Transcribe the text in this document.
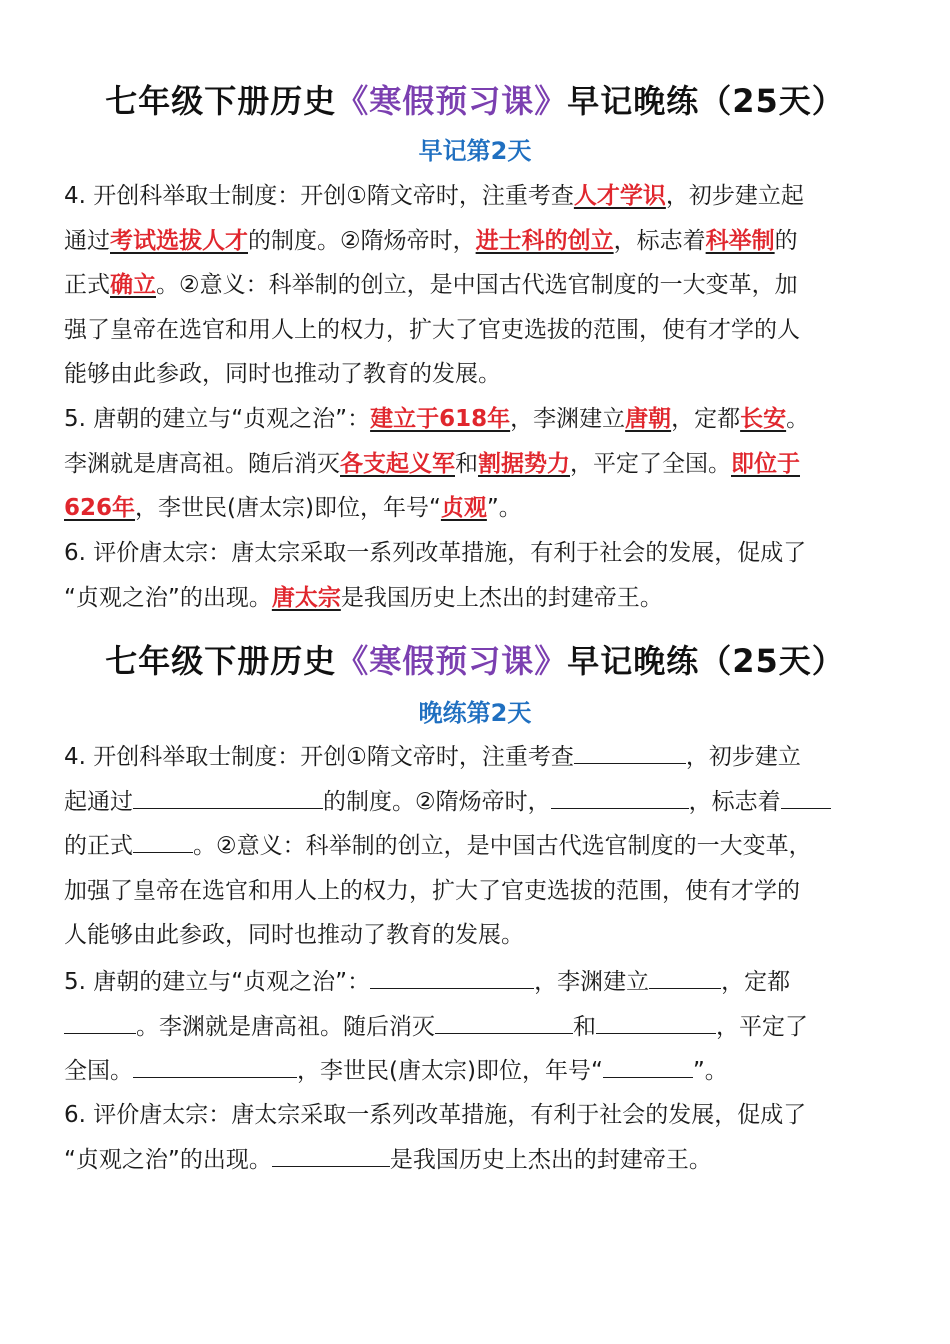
七年级下册历史《寒假预习课》早记晚练（25天）
早记第2天
4. 开创科举取士制度：开创①隋文帝时，注重考查人才学识，初步建立起
通过考试选拔人才的制度。②隋炀帝时，进士科的创立，标志着科举制的
正式确立。②意义：科举制的创立，是中国古代选官制度的一大变革，加
强了皇帝在选官和用人上的权力，扩大了官吏选拔的范围，使有才学的人
能够由此参政，同时也推动了教育的发展。
5. 唐朝的建立与“贞观之治”：建立于618年，李渊建立唐朝，定都长安。
李渊就是唐高祖。随后消灭各支起义军和割据势力，平定了全国。即位于
626年，李世民(唐太宗)即位，年号“贞观”。
6. 评价唐太宗：唐太宗采取一系列改革措施，有利于社会的发展，促成了
“贞观之治”的出现。唐太宗是我国历史上杰出的封建帝王。
七年级下册历史《寒假预习课》早记晚练（25天）
晚练第2天
4. 开创科举取士制度：开创①隋文帝时，注重考查	，初步建立
起通过	的制度。②隋炀帝时，	，标志着
的正式	。②意义：科举制的创立，是中国古代选官制度的一大变革，
加强了皇帝在选官和用人上的权力，扩大了官吏选拔的范围，使有才学的
人能够由此参政，同时也推动了教育的发展。
5. 唐朝的建立与“贞观之治”：	，李渊建立	，定都
。李渊就是唐高祖。随后消灭	和	，平定了
全国。	，李世民(唐太宗)即位，年号“	”。
6. 评价唐太宗：唐太宗采取一系列改革措施，有利于社会的发展，促成了
“贞观之治”的出现。	是我国历史上杰出的封建帝王。
